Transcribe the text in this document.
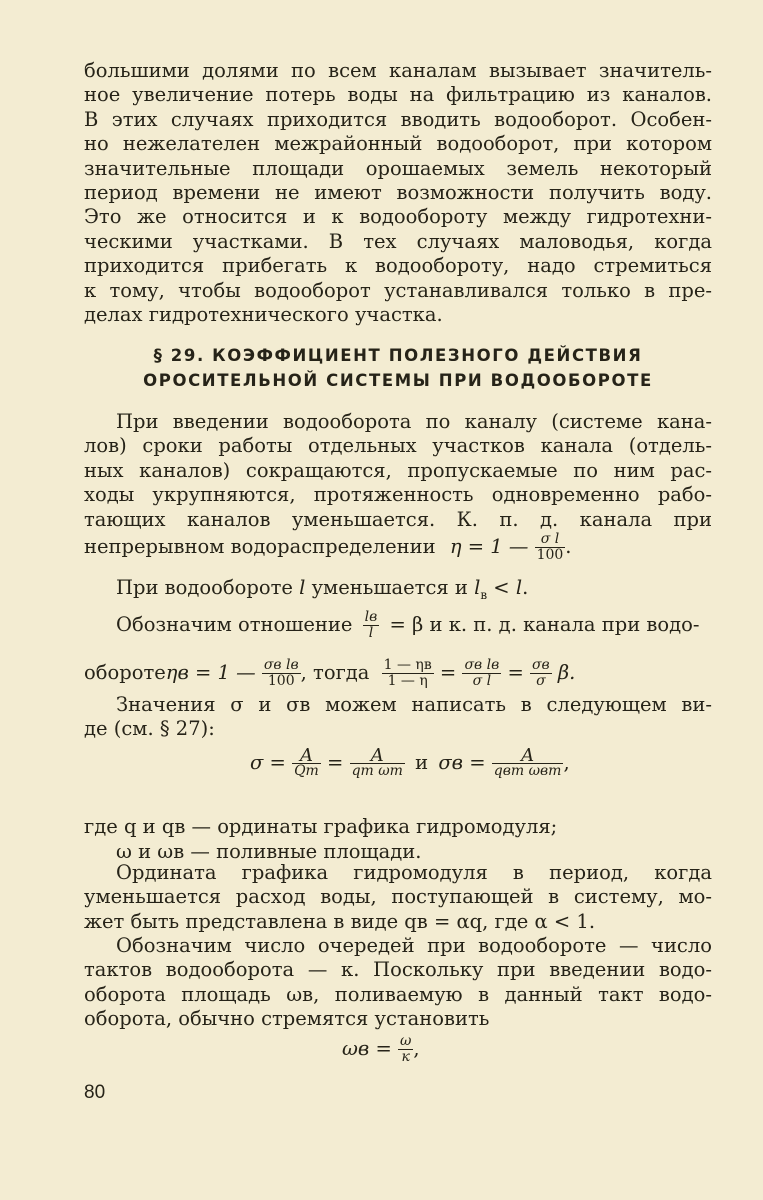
большими долями по всем каналам вызывает значитель-
ное увеличение потерь воды на фильтрацию из каналов.
В этих случаях приходится вводить водооборот. Особен-
но нежелателен межрайонный водооборот, при котором
значительные площади орошаемых земель некоторый
период времени не имеют возможности получить воду.
Это же относится и к водообороту между гидротехни-
ческими участками. В тех случаях маловодья, когда
приходится прибегать к водообороту, надо стремиться
к тому, чтобы водооборот устанавливался только в пре-
делах гидротехнического участка.
§ 29. КОЭФФИЦИЕНТ ПОЛЕЗНОГО ДЕЙСТВИЯ
ОРОСИТЕЛЬНОЙ СИСТЕМЫ ПРИ ВОДООБОРОТЕ
При введении водооборота по каналу (системе кана-
лов) сроки работы отдельных участков канала (отдель-
ных каналов) сокращаются, пропускаемые по ним рас-
ходы укрупняются, протяженность одновременно рабо-
тающих каналов уменьшается. К. п. д. канала при
непрерывном водораспределении η = 1 — $\frac{\text{σ l}}{100}$ .
При водообороте l уменьшается и $l_в < l$.
Обозначим отношение $\frac{lв}{l} = \beta$ и к. п. д. канала при водо-
оборотеηв = 1 — $\frac{\text{σв lв}}{100}$ , тогда $\frac{1 — \eta в}{1 — \eta} = \frac{\text{σв lв}}{\text{σ l}} = \frac{\sigma в}{\sigma} \beta$.
Значения σ и σв можем написать в следующем ви-
де (см. § 27):
$\sigma = \frac{A}{Qm} = \frac{A}{\text{qm ωm}}$ и $\sigma в = \frac{A}{\text{qвm ωвm}}$ ,
где q и qв — ординаты графика гидромодуля;
ω и ωв — поливные площади.
Ордината графика гидромодуля в период, когда
уменьшается расход воды, поступающей в систему, мо-
жет быть представлена в виде qв = αq, где α < 1.
Обозначим число очередей при водообороте — число
тактов водооборота — к. Поскольку при введении водо-
оборота площадь ωв, поливаемую в данный такт водо-
оборота, обычно стремятся установить
$\omega в = \frac{\omega}{к}$ ,
80
